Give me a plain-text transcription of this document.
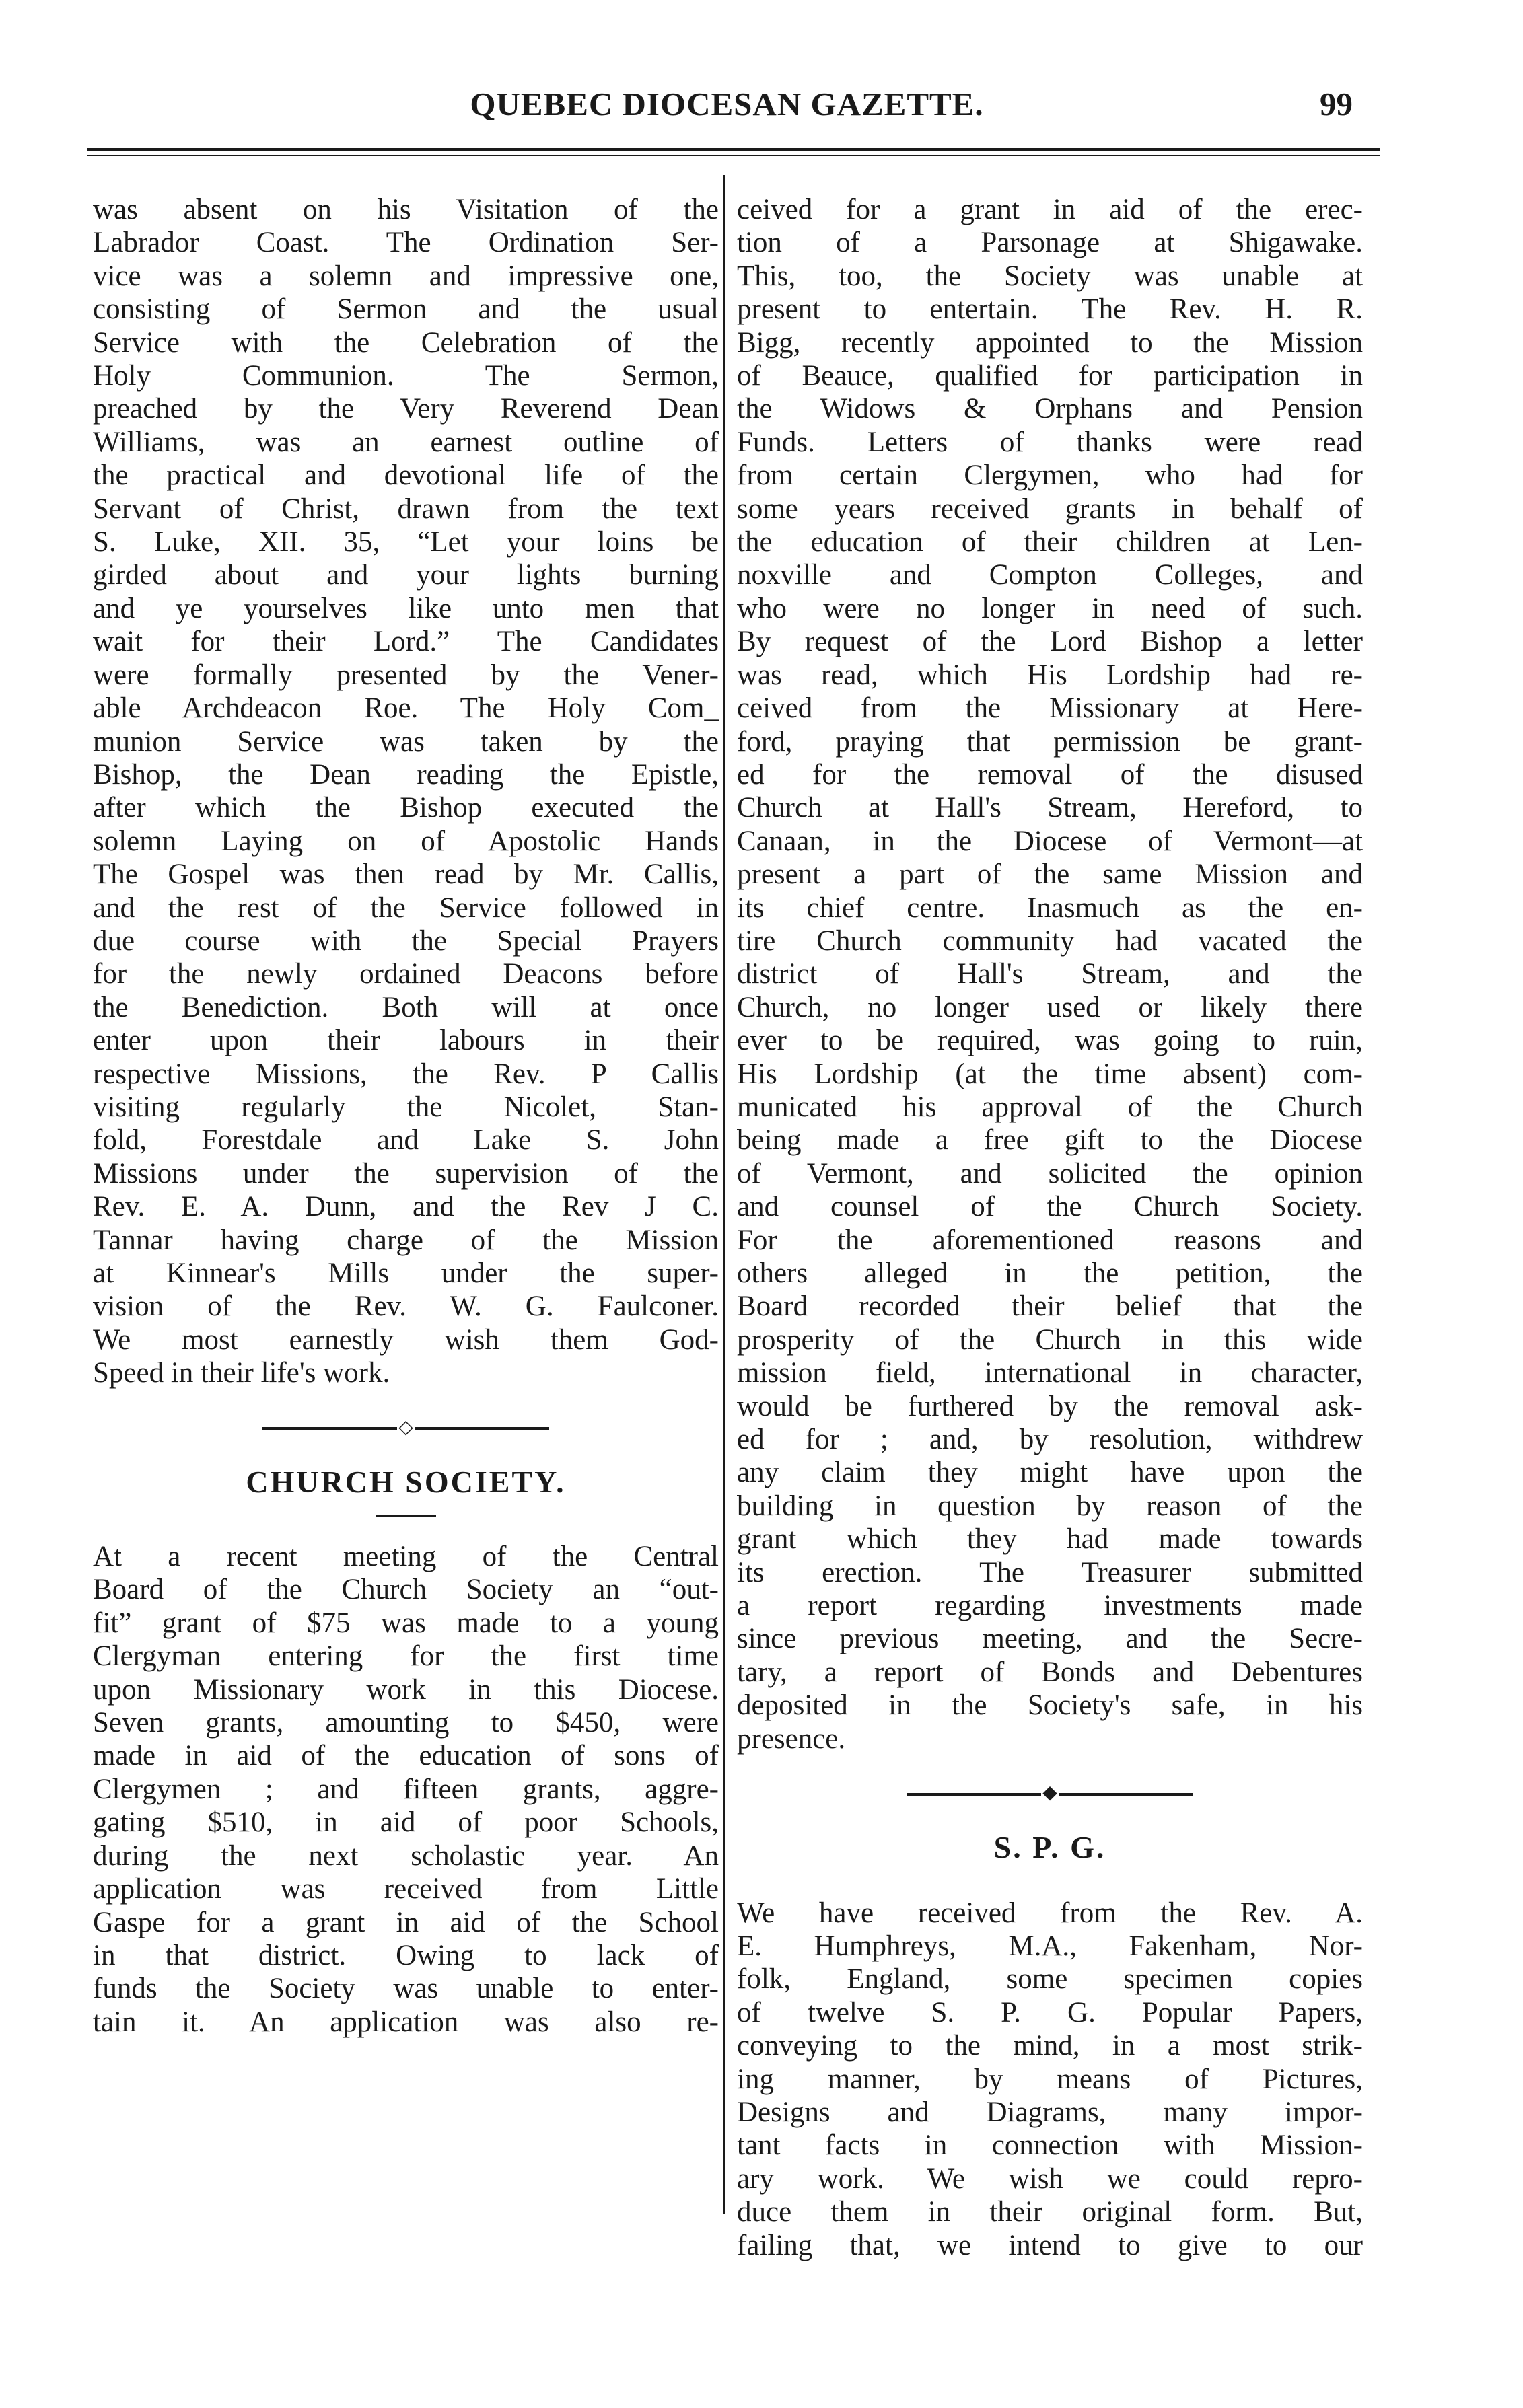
QUEBEC DIOCESAN GAZETTE.	99
was absent on his Visitation of the
Labrador Coast. The Ordination Ser-
vice was a solemn and impressive one,
consisting of Sermon and the usual
Service with the Celebration of the
Holy Communion. The Sermon,
preached by the Very Reverend Dean
Williams, was an earnest outline of
the practical and devotional life of the
Servant of Christ, drawn from the text
S. Luke, XII. 35, “Let your loins be
girded about and your lights burning
and ye yourselves like unto men that
wait for their Lord.” The Candidates
were formally presented by the Vener-
able Archdeacon Roe. The Holy Com_
munion Service was taken by the
Bishop, the Dean reading the Epistle,
after which the Bishop executed the
solemn Laying on of Apostolic Hands
The Gospel was then read by Mr. Callis,
and the rest of the Service followed in
due course with the Special Prayers
for the newly ordained Deacons before
the Benediction. Both will at once
enter upon their labours in their
respective Missions, the Rev. P Callis
visiting regularly the Nicolet, Stan-
fold, Forestdale and Lake S. John
Missions under the supervision of the
Rev. E. A. Dunn, and the Rev J C.
Tannar having charge of the Mission
at Kinnear's Mills under the super-
vision of the Rev. W. G. Faulconer.
We most earnestly wish them God-
Speed in their life's work.
◇
CHURCH SOCIETY.
At a recent meeting of the Central
Board of the Church Society an “out-
fit” grant of $75 was made to a young
Clergyman entering for the first time
upon Missionary work in this Diocese.
Seven grants, amounting to $450, were
made in aid of the education of sons of
Clergymen ; and fifteen grants, aggre-
gating $510, in aid of poor Schools,
during the next scholastic year. An
application was received from Little
Gaspe for a grant in aid of the School
in that district. Owing to lack of
funds the Society was unable to enter-
tain it. An application was also re-
ceived for a grant in aid of the erec-
tion of a Parsonage at Shigawake.
This, too, the Society was unable at
present to entertain. The Rev. H. R.
Bigg, recently appointed to the Mission
of Beauce, qualified for participation in
the Widows & Orphans and Pension
Funds. Letters of thanks were read
from certain Clergymen, who had for
some years received grants in behalf of
the education of their children at Len-
noxville and Compton Colleges, and
who were no longer in need of such.
By request of the Lord Bishop a letter
was read, which His Lordship had re-
ceived from the Missionary at Here-
ford, praying that permission be grant-
ed for the removal of the disused
Church at Hall's Stream, Hereford, to
Canaan, in the Diocese of Vermont—at
present a part of the same Mission and
its chief centre. Inasmuch as the en-
tire Church community had vacated the
district of Hall's Stream, and the
Church, no longer used or likely there
ever to be required, was going to ruin,
His Lordship (at the time absent) com-
municated his approval of the Church
being made a free gift to the Diocese
of Vermont, and solicited the opinion
and counsel of the Church Society.
For the aforementioned reasons and
others alleged in the petition, the
Board recorded their belief that the
prosperity of the Church in this wide
mission field, international in character,
would be furthered by the removal ask-
ed for ; and, by resolution, withdrew
any claim they might have upon the
building in question by reason of the
grant which they had made towards
its erection. The Treasurer submitted
a report regarding investments made
since previous meeting, and the Secre-
tary, a report of Bonds and Debentures
deposited in the Society's safe, in his
presence.
◆
S. P. G.
We have received from the Rev. A.
E. Humphreys, M.A., Fakenham, Nor-
folk, England, some specimen copies
of twelve S. P. G. Popular Papers,
conveying to the mind, in a most strik-
ing manner, by means of Pictures,
Designs and Diagrams, many impor-
tant facts in connection with Mission-
ary work. We wish we could repro-
duce them in their original form. But,
failing that, we intend to give to our
